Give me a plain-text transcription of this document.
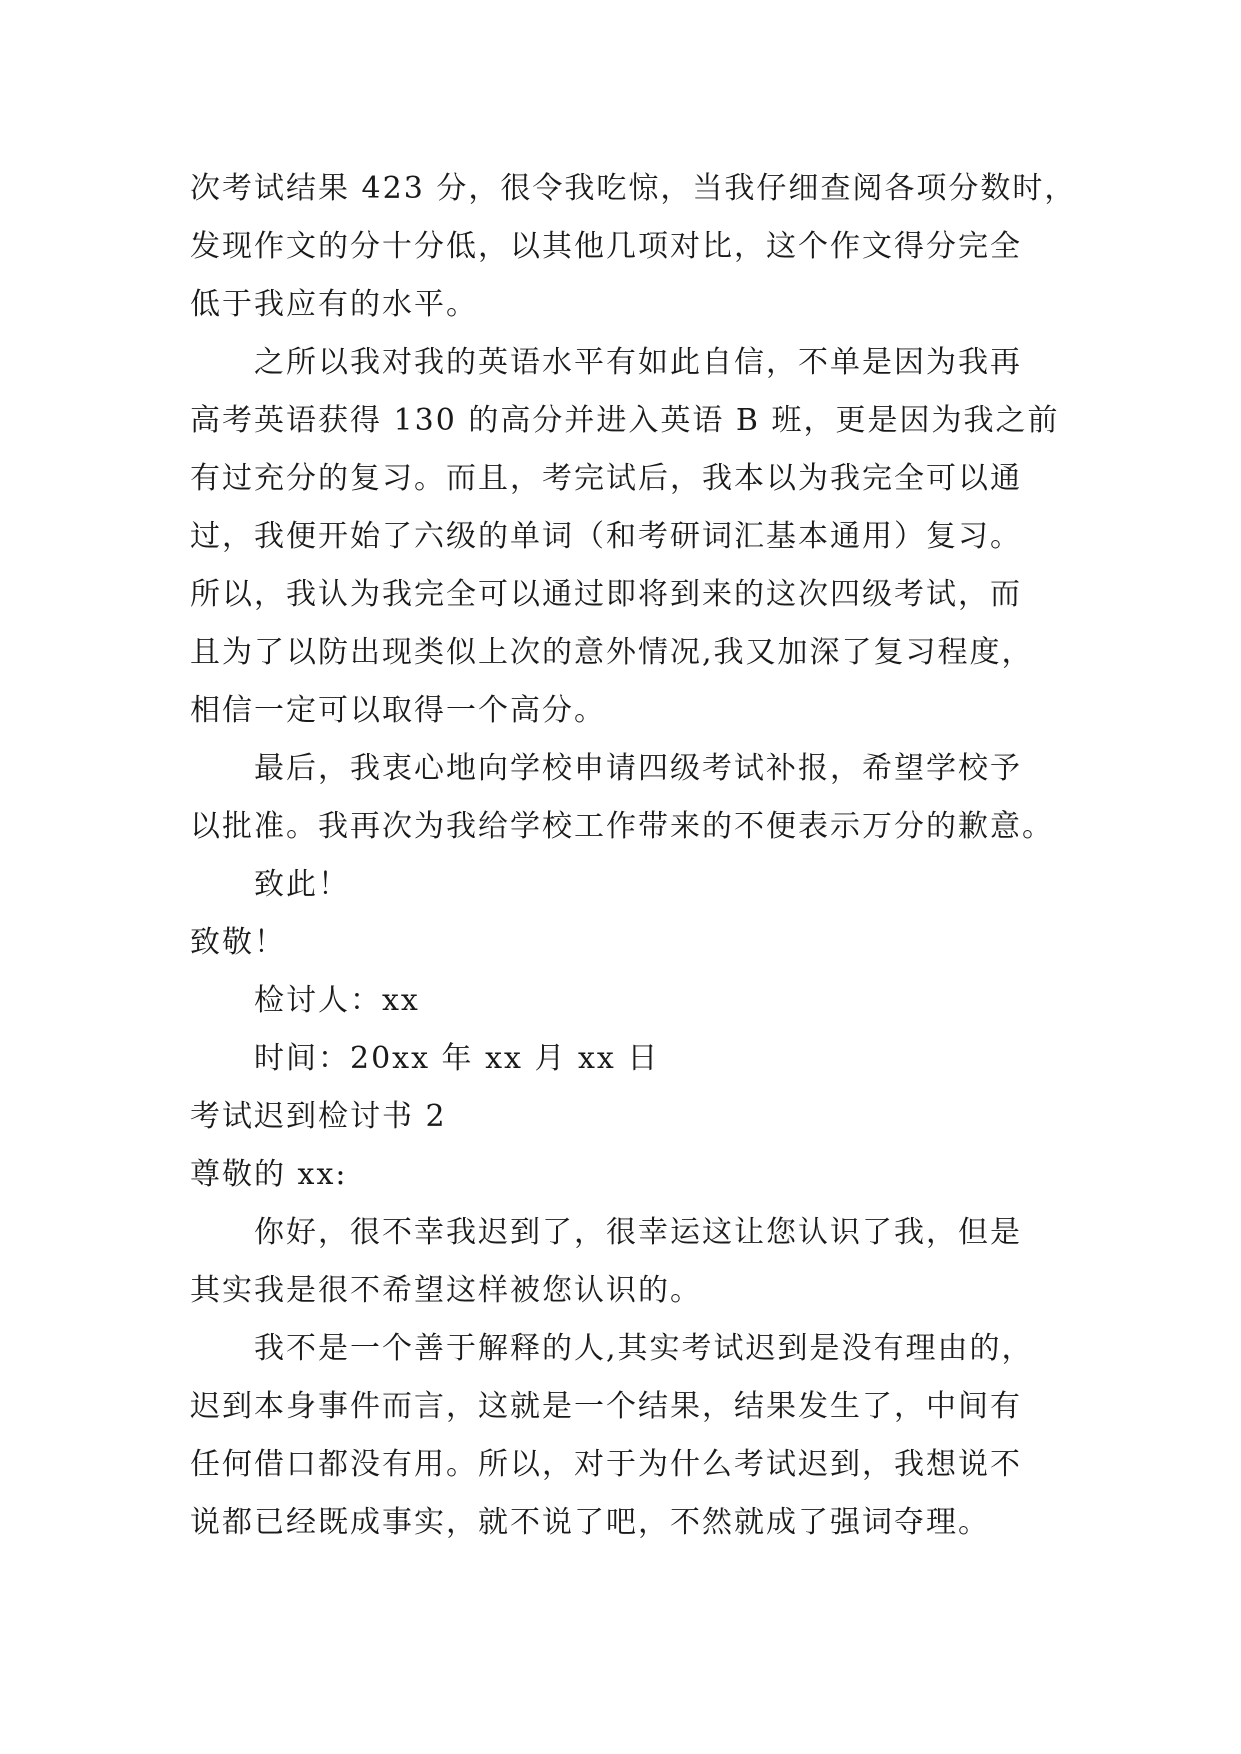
次考试结果 423 分，很令我吃惊，当我仔细查阅各项分数时，
发现作文的分十分低，以其他几项对比，这个作文得分完全
低于我应有的水平。
之所以我对我的英语水平有如此自信，不单是因为我再
高考英语获得 130 的高分并进入英语 B 班，更是因为我之前
有过充分的复习。而且，考完试后，我本以为我完全可以通
过，我便开始了六级的单词（和考研词汇基本通用）复习。
所以，我认为我完全可以通过即将到来的这次四级考试，而
且为了以防出现类似上次的意外情况,我又加深了复习程度，
相信一定可以取得一个高分。
最后，我衷心地向学校申请四级考试补报，希望学校予
以批准。我再次为我给学校工作带来的不便表示万分的歉意。
致此！
致敬！
检讨人：xx
时间：20xx 年 xx 月 xx 日
考试迟到检讨书 2
尊敬的 xx:
你好，很不幸我迟到了，很幸运这让您认识了我，但是
其实我是很不希望这样被您认识的。
我不是一个善于解释的人,其实考试迟到是没有理由的，
迟到本身事件而言，这就是一个结果，结果发生了，中间有
任何借口都没有用。所以，对于为什么考试迟到，我想说不
说都已经既成事实，就不说了吧，不然就成了强词夺理。
